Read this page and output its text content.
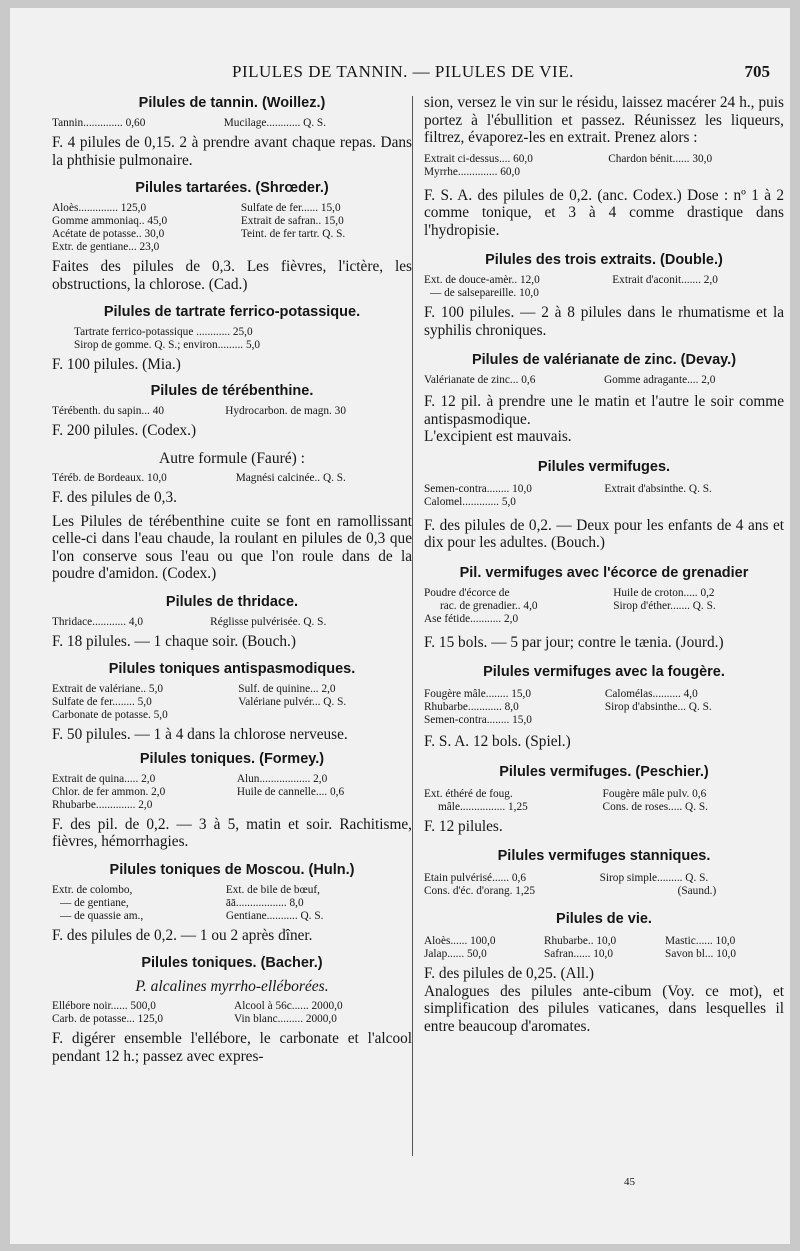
PILULES DE TANNIN. — PILULES DE VIE.	705

Pilules de tannin. (Woillez.)

Tannin.............. 0,60	Mucilage............ Q. S.

F. 4 pilules de 0,15. 2 à prendre avant chaque repas. Dans la phthisie pulmonaire.

Pilules tartarées. (Shrœder.)

Aloès.............. 125,0	Sulfate de fer...... 15,0
Gomme ammoniaq.. 45,0	Extrait de safran.. 15,0
Acétate de potasse.. 30,0	Teint. de fer tartr. Q. S.
Extr. de gentiane... 23,0	

Faites des pilules de 0,3. Les fièvres, l'ictère, les obstructions, la chlorose. (Cad.)

Pilules de tartrate ferrico-potassique.

Tartrate ferrico-potassique ............ 25,0
Sirop de gomme. Q. S.; environ......... 5,0

F. 100 pilules. (Mia.)

Pilules de térébenthine.

Térébenth. du sapin... 40	Hydrocarbon. de magn. 30

F. 200 pilules. (Codex.)

Autre formule (Fauré) :

Téréb. de Bordeaux. 10,0	Magnési calcinée.. Q. S.

F. des pilules de 0,3.

Les Pilules de térébenthine cuite se font en ramollissant celle-ci dans l'eau chaude, la roulant en pilules de 0,3 que l'on conserve sous l'eau ou que l'on roule dans de la poudre d'amidon. (Codex.)

Pilules de thridace.

Thridace............ 4,0	Réglisse pulvérisée. Q. S.

F. 18 pilules. — 1 chaque soir. (Bouch.)

Pilules toniques antispasmodiques.

Extrait de valériane.. 5,0	Sulf. de quinine... 2,0
Sulfate de fer........ 5,0	Valériane pulvér... Q. S.
Carbonate de potasse. 5,0	

F. 50 pilules. — 1 à 4 dans la chlorose nerveuse.

Pilules toniques. (Formey.)

Extrait de quina..... 2,0	Alun.................. 2,0
Chlor. de fer ammon. 2,0	Huile de cannelle.... 0,6
Rhubarbe.............. 2,0	

F. des pil. de 0,2. — 3 à 5, matin et soir. Rachitisme, fièvres, hémorrhagies.

Pilules toniques de Moscou. (Huln.)

Extr. de colombo,	Ext. de bile de bœuf,
— de gentiane,	āā.................. 8,0
— de quassie am.,	Gentiane........... Q. S.

F. des pilules de 0,2. — 1 ou 2 après dîner.

Pilules toniques. (Bacher.)

P. alcalines myrrho-elléborées.

Ellébore noir...... 500,0	Alcool à 56c...... 2000,0
Carb. de potasse... 125,0	Vin blanc......... 2000,0

F. digérer ensemble l'ellébore, le carbonate et l'alcool pendant 12 h.; passez avec expres-

sion, versez le vin sur le résidu, laissez macérer 24 h., puis portez à l'ébullition et passez. Réunissez les liqueurs, filtrez, évaporez-les en extrait. Prenez alors :

Extrait ci-dessus.... 60,0	Chardon bénit...... 30,0
Myrrhe.............. 60,0	

F. S. A. des pilules de 0,2. (anc. Codex.) Dose : nº 1 à 2 comme tonique, et 3 à 4 comme drastique dans l'hydropisie.

Pilules des trois extraits. (Double.)

Ext. de douce-amèr.. 12,0	Extrait d'aconit....... 2,0
— de salsepareille. 10,0	

F. 100 pilules. — 2 à 8 pilules dans le rhumatisme et la syphilis chroniques.

Pilules de valérianate de zinc. (Devay.)

Valérianate de zinc... 0,6	Gomme adragante.... 2,0

F. 12 pil. à prendre une le matin et l'autre le soir comme antispasmodique.

L'excipient est mauvais.

Pilules vermifuges.

Semen-contra........ 10,0	Extrait d'absinthe. Q. S.
Calomel............. 5,0	

F. des pilules de 0,2. — Deux pour les enfants de 4 ans et dix pour les adultes. (Bouch.)

Pil. vermifuges avec l'écorce de grenadier

Poudre d'écorce de	Huile de croton..... 0,2
rac. de grenadier.. 4,0	Sirop d'éther....... Q. S.
Ase fétide........... 2,0	

F. 15 bols. — 5 par jour; contre le tænia. (Jourd.)

Pilules vermifuges avec la fougère.

Fougère mâle........ 15,0	Calomélas.......... 4,0
Rhubarbe............ 8,0	Sirop d'absinthe... Q. S.
Semen-contra........ 15,0	

F. S. A. 12 bols. (Spiel.)

Pilules vermifuges. (Peschier.)

Ext. éthéré de foug.	Fougère mâle pulv. 0,6
mâle................ 1,25	Cons. de roses..... Q. S.

F. 12 pilules.

Pilules vermifuges stanniques.

Etain pulvérisé...... 0,6	Sirop simple......... Q. S.
Cons. d'éc. d'orang. 1,25	(Saund.)

Pilules de vie.

Aloès...... 100,0	Rhubarbe.. 10,0	Mastic...... 10,0
Jalap...... 50,0	Safran...... 10,0	Savon bl... 10,0

F. des pilules de 0,25. (All.)

Analogues des pilules ante-cibum (Voy. ce mot), et simplification des pilules vaticanes, dans lesquelles il entre beaucoup d'aromates.

45
